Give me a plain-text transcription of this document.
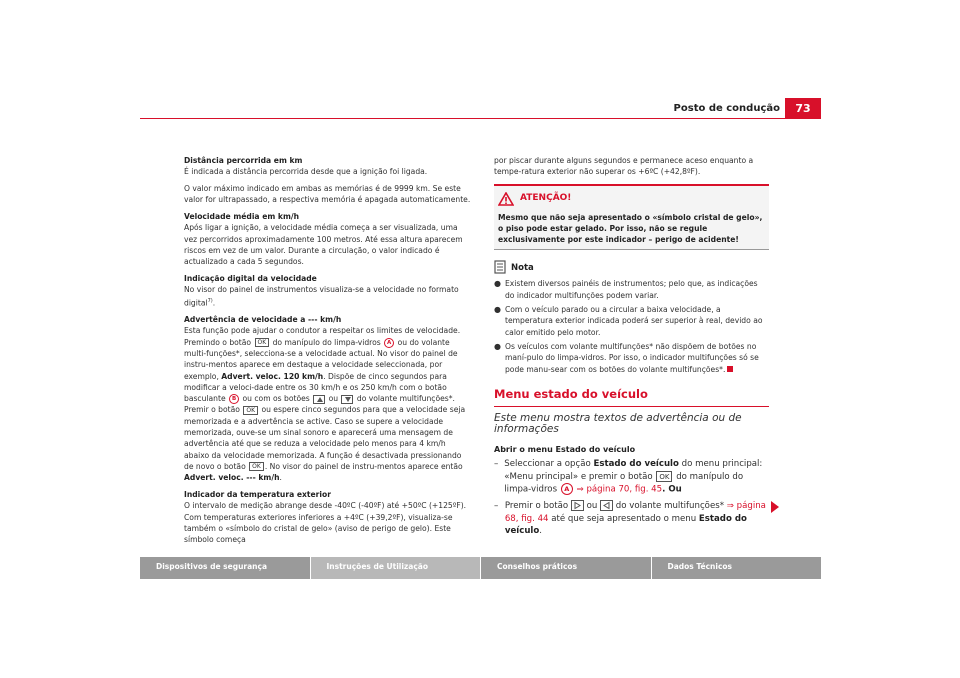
Posto de condução	73

Distância percorrida em km
É indicada a distância percorrida desde que a ignição foi ligada.

O valor máximo indicado em ambas as memórias é de 9999 km. Se este valor for ultrapassado, a respectiva memória é apagada automaticamente.

Velocidade média em km/h
Após ligar a ignição, a velocidade média começa a ser visualizada, uma vez percorridos aproximadamente 100 metros. Até essa altura aparecem riscos em vez de um valor. Durante a circulação, o valor indicado é actualizado a cada 5 segundos.

Indicação digital da velocidade
No visor do painel de instrumentos visualiza-se a velocidade no formato digital$^{7)}$.

Advertência de velocidade a --- km/h
Esta função pode ajudar o condutor a respeitar os limites de velocidade. Premindo o botão OK do manípulo do limpa-vidros A ou do volante multi-funções*, selecciona-se a velocidade actual. No visor do painel de instru-mentos aparece em destaque a velocidade seleccionada, por exemplo, Advert. veloc. 120 km/h. Dispõe de cinco segundos para modificar a veloci-dade entre os 30 km/h e os 250 km/h com o botão basculante B ou com os botões ou do volante multifunções*. Premir o botão OK ou espere cinco segundos para que a velocidade seja memorizada e a advertência se active. Caso se supere a velocidade memorizada, ouve-se um sinal sonoro e aparecerá uma mensagem de advertência até que se reduza a velocidade pelo menos para 4 km/h abaixo da velocidade memorizada. A função é desactivada pressionando de novo o botão OK . No visor do painel de instru-mentos aparece então Advert. veloc. --- km/h.

Indicador da temperatura exterior
O intervalo de medição abrange desde -40ºC (-40ºF) até +50ºC (+125ºF). Com temperaturas exteriores inferiores a +4ºC (+39,2ºF), visualiza-se também o «símbolo do cristal de gelo» (aviso de perigo de gelo). Este símbolo começa

por piscar durante alguns segundos e permanece aceso enquanto a tempe-ratura exterior não superar os +6ºC (+42,8ºF).

ATENÇÃO!
Mesmo que não seja apresentado o «símbolo cristal de gelo», o piso pode estar gelado. Por isso, não se regule exclusivamente por este indicador – perigo de acidente!
Nota
● Existem diversos painéis de instrumentos; pelo que, as indicações do indicador multifunções podem variar.
● Com o veículo parado ou a circular a baixa velocidade, a temperatura exterior indicada poderá ser superior à real, devido ao calor emitido pelo motor.
● Os veículos com volante multifunções* não dispõem de botões no maní-pulo do limpa-vidros. Por isso, o indicador multifunções só se pode manu-sear com os botões do volante multifunções*.
Menu estado do veículo
Este menu mostra textos de advertência ou de informações
Abrir o menu Estado do veículo
– Seleccionar a opção Estado do veículo do menu principal: «Menu principal» e premir o botão OK do manípulo do limpa-vidros A ⇒ página 70, fig. 45. Ou
– Premir o botão ou do volante multifunções* ⇒ página 68, fig. 44 até que seja apresentado o menu Estado do veículo.
Dispositivos de segurança	Instruções de Utilização	Conselhos práticos	Dados Técnicos
